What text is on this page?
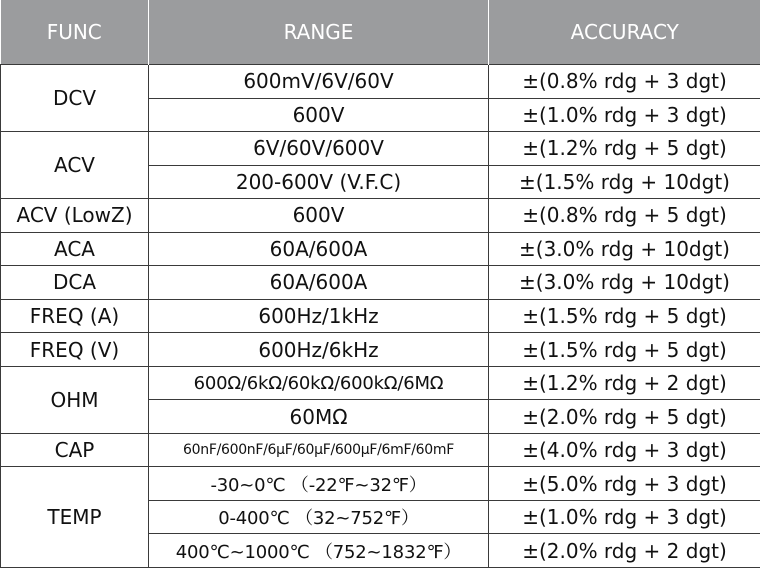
FUNC	RANGE	ACCURACY
DCV	600mV/6V/60V	±(0.8% rdg + 3 dgt)
	600V	±(1.0% rdg + 3 dgt)
ACV	6V/60V/600V	±(1.2% rdg + 5 dgt)
	200-600V (V.F.C)	±(1.5% rdg + 10dgt)
ACV (LowZ)	600V	±(0.8% rdg + 5 dgt)
ACA	60A/600A	±(3.0% rdg + 10dgt)
DCA	60A/600A	±(3.0% rdg + 10dgt)
FREQ (A)	600Hz/1kHz	±(1.5% rdg + 5 dgt)
FREQ (V)	600Hz/6kHz	±(1.5% rdg + 5 dgt)
OHM	600Ω/6kΩ/60kΩ/600kΩ/6MΩ	±(1.2% rdg + 2 dgt)
	60MΩ	±(2.0% rdg + 5 dgt)
CAP	60nF/600nF/6μF/60μF/600μF/6mF/60mF	±(4.0% rdg + 3 dgt)
TEMP	-30~0℃ （-22℉~32℉）	±(5.0% rdg + 3 dgt)
	0-400℃ （32~752℉）	±(1.0% rdg + 3 dgt)
	400℃~1000℃ （752~1832℉）	±(2.0% rdg + 2 dgt)
